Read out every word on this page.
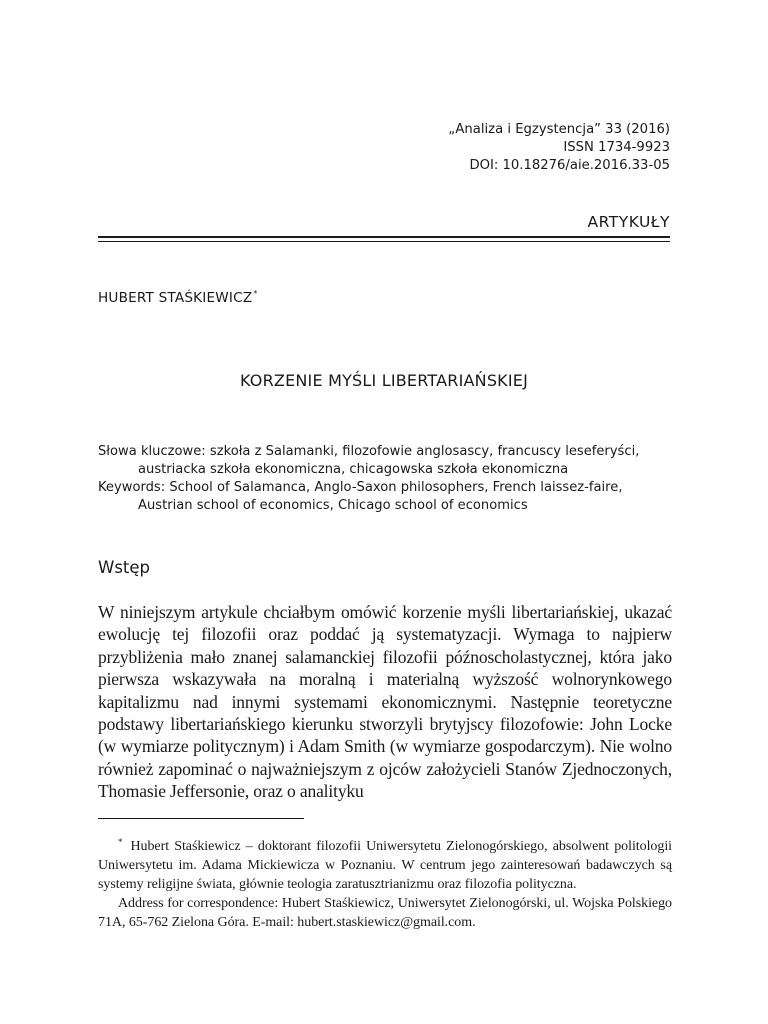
„Analiza i Egzystencja” 33 (2016)
ISSN 1734-9923
DOI: 10.18276/aie.2016.33-05
ARTYKUŁY
HUBERT STAŚKIEWICZ*
KORZENIE MYŚLI LIBERTARIAŃSKIEJ

Słowa kluczowe: szkoła z Salamanki, filozofowie anglosascy, francuscy leseferyści, austriacka szkoła ekonomiczna, chicagowska szkoła ekonomiczna

Keywords: School of Salamanca, Anglo-Saxon philosophers, French laissez-faire, Austrian school of economics, Chicago school of economics

Wstęp

W niniejszym artykule chciałbym omówić korzenie myśli libertariańskiej, ukazać ewolucję tej filozofii oraz poddać ją systematyzacji. Wymaga to najpierw przybliżenia mało znanej salamanckiej filozofii późnoscholastycznej, która jako pierwsza wskazywała na moralną i materialną wyższość wolnorynkowego kapitalizmu nad innymi systemami ekonomicznymi. Następnie teoretyczne podstawy libertariańskiego kierunku stworzyli brytyjscy filozofowie: John Locke (w wymiarze politycznym) i Adam Smith (w wymiarze gospodarczym). Nie wolno również zapominać o najważniejszym z ojców założycieli Stanów Zjednoczonych, Thomasie Jeffersonie, oraz o analityku

* Hubert Staśkiewicz – doktorant filozofii Uniwersytetu Zielonogórskiego, absolwent politologii Uniwersytetu im. Adama Mickiewicza w Poznaniu. W centrum jego zainteresowań badawczych są systemy religijne świata, głównie teologia zaratusztrianizmu oraz filozofia polityczna.

Address for correspondence: Hubert Staśkiewicz, Uniwersytet Zielonogórski, ul. Wojska Polskiego 71A, 65-762 Zielona Góra. E-mail: hubert.staskiewicz@gmail.com.
